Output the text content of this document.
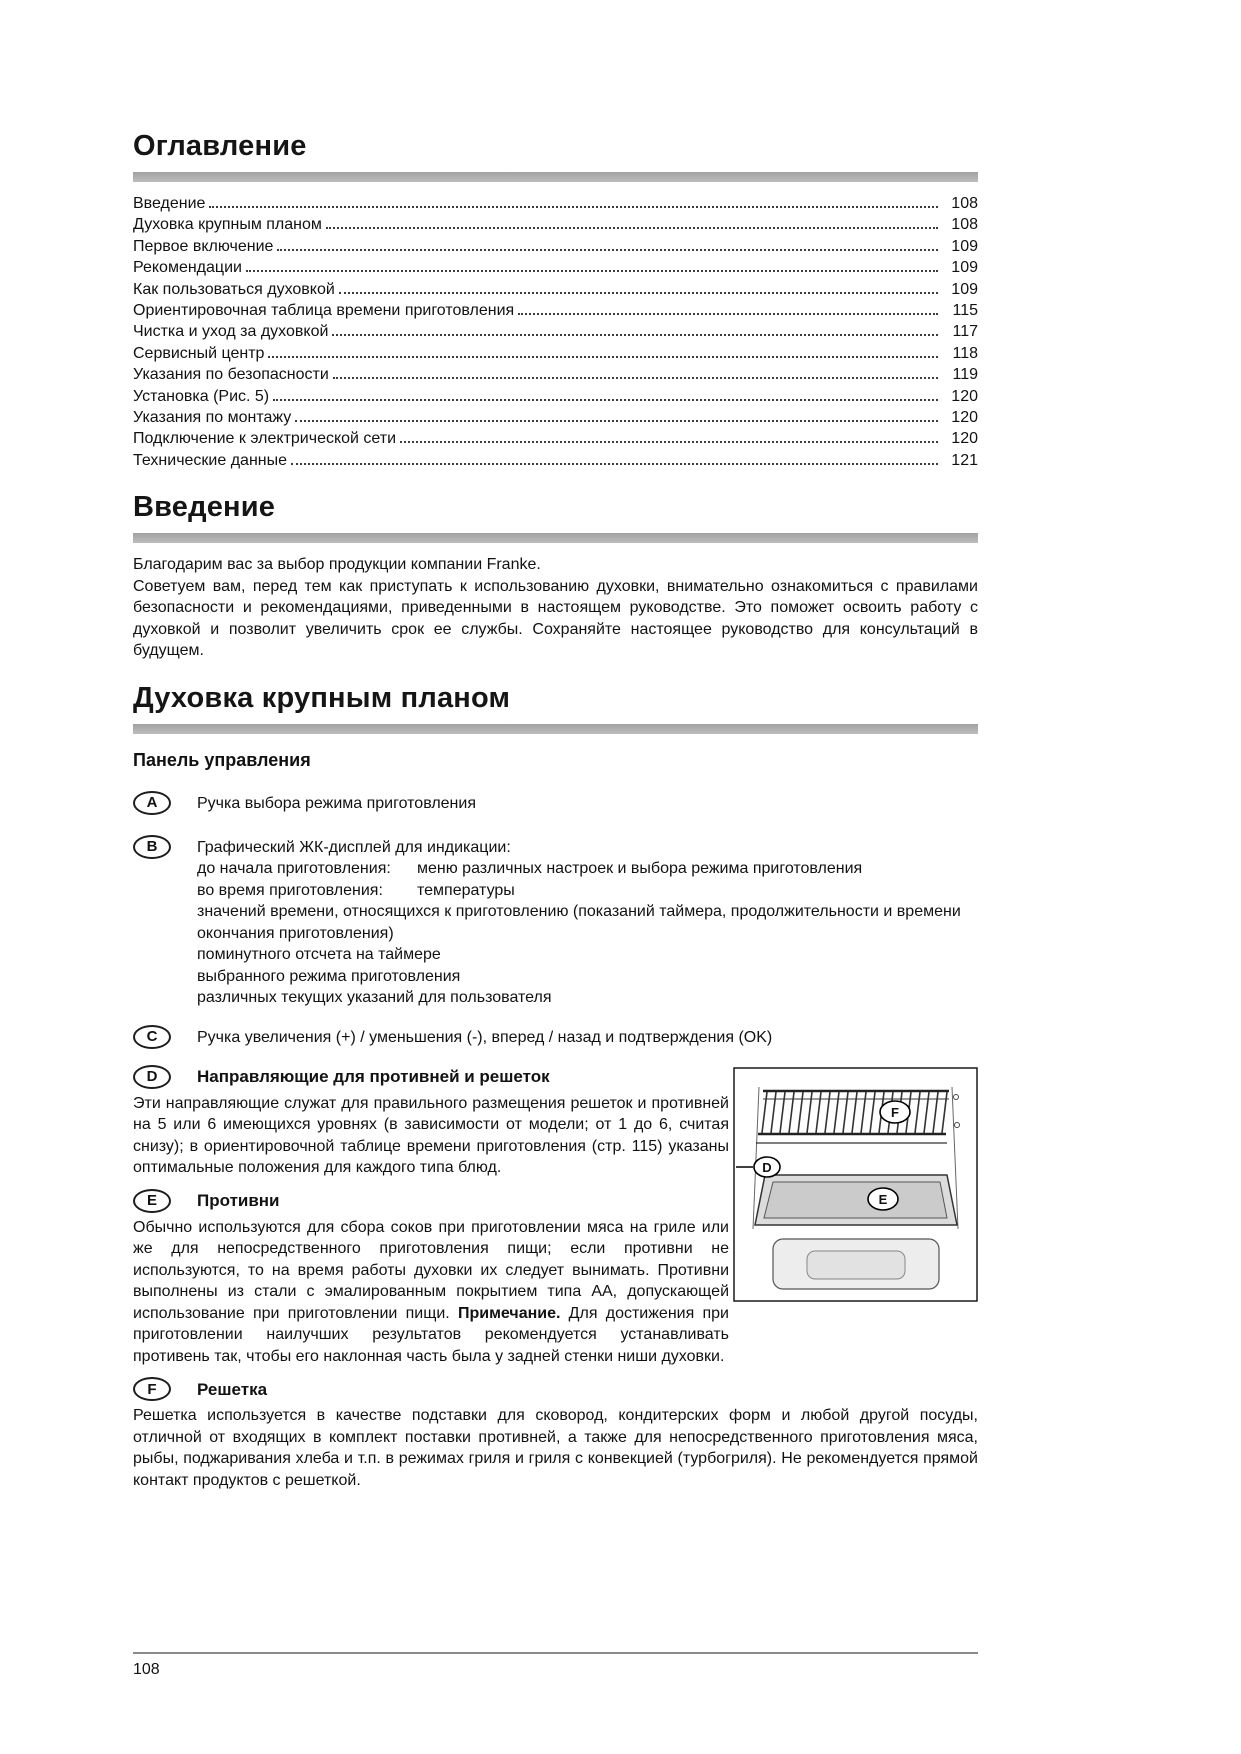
Оглавление
Введение	108
Духовка крупным планом	108
Первое включение	109
Рекомендации	109
Как пользоваться духовкой	109
Ориентировочная таблица времени приготовления	115
Чистка и уход за духовкой	117
Сервисный центр	118
Указания по безопасности	119
Установка (Рис. 5)	120
Указания по монтажу	120
Подключение к электрической сети	120
Технические данные	121
Введение

Благодарим вас за выбор продукции компании Franke.

Советуем вам, перед тем как приступать к использованию духовки, внимательно ознакомиться с правилами безопасности и рекомендациями, приведенными в настоящем руководстве. Это поможет освоить работу с духовкой и позволит увеличить срок ее службы. Сохраняйте настоящее руководство для консультаций в будущем.

Духовка крупным планом
Панель управления
A	Ручка выбора режима приготовления
B	Графический ЖК-дисплей для индикации:
до начала приготовления: меню различных настроек и выбора режима приготовления
во время приготовления: температуры
значений времени, относящихся к приготовлению (показаний таймера, продолжительности и времени окончания приготовления)
поминутного отсчета на таймере
выбранного режима приготовления
различных текущих указаний для пользователя
C	Ручка увеличения (+) / уменьшения (-), вперед / назад и подтверждения (OK)
D
F
E
D	Направляющие для противней и решеток

Эти направляющие служат для правильного размещения решеток и противней на 5 или 6 имеющихся уровнях (в зависимости от модели; от 1 до 6, считая снизу); в ориентировочной таблице времени приготовления (стр. 115) указаны оптимальные положения для каждого типа блюд.

E	Противни

Обычно используются для сбора соков при приготовлении мяса на гриле или же для непосредственного приготовления пищи; если противни не используются, то на время работы духовки их следует вынимать. Противни выполнены из стали с эмалированным покрытием типа АА, допускающей использование при приготовлении пищи. Примечание. Для достижения при приготовлении наилучших результатов рекомендуется устанавливать противень так, чтобы его наклонная часть была у задней стенки ниши духовки.

F	Решетка

Решетка используется в качестве подставки для сковород, кондитерских форм и любой другой посуды, отличной от входящих в комплект поставки противней, а также для непосредственного приготовления мяса, рыбы, поджаривания хлеба и т.п. в режимах гриля и гриля с конвекцией (турбогриля). Не рекомендуется прямой контакт продуктов с решеткой.

108
